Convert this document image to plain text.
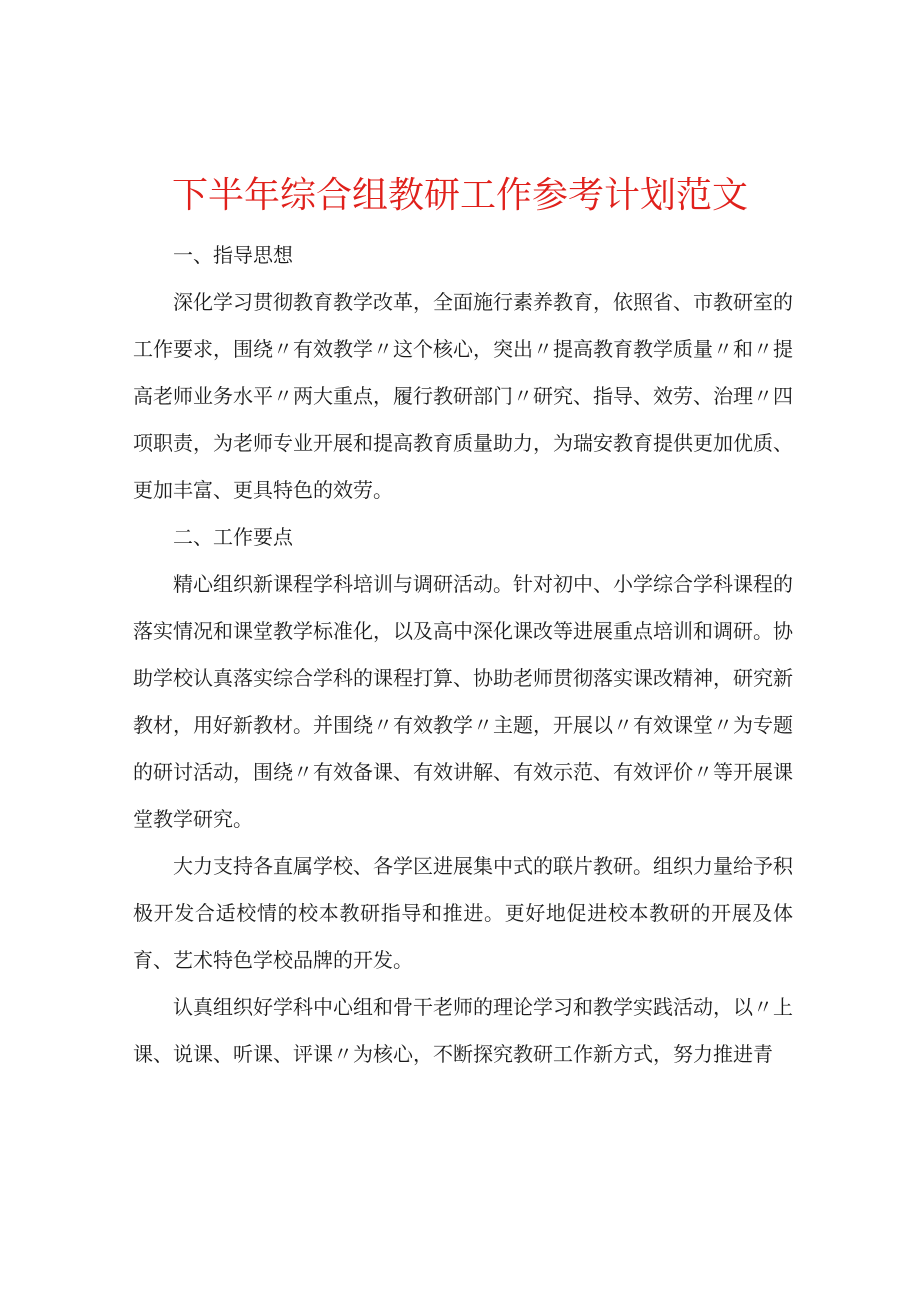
下半年综合组教研工作参考计划范文
一、指导思想

深化学习贯彻教育教学改革，全面施行素养教育，依照省、市教研室的工作要求，围绕〃有效教学〃这个核心，突出〃提高教育教学质量〃和〃提高老师业务水平〃两大重点，履行教研部门〃研究、指导、效劳、治理〃四项职责，为老师专业开展和提高教育质量助力，为瑞安教育提供更加优质、更加丰富、更具特色的效劳。

二、工作要点

精心组织新课程学科培训与调研活动。针对初中、小学综合学科课程的落实情况和课堂教学标准化，以及高中深化课改等进展重点培训和调研。协助学校认真落实综合学科的课程打算、协助老师贯彻落实课改精神，研究新教材，用好新教材。并围绕〃有效教学〃主题，开展以〃有效课堂〃为专题的研讨活动，围绕〃有效备课、有效讲解、有效示范、有效评价〃等开展课堂教学研究。

大力支持各直属学校、各学区进展集中式的联片教研。组织力量给予积极开发合适校情的校本教研指导和推进。更好地促进校本教研的开展及体育、艺术特色学校品牌的开发。

认真组织好学科中心组和骨干老师的理论学习和教学实践活动，以〃上课、说课、听课、评课〃为核心，不断探究教研工作新方式，努力推进青
